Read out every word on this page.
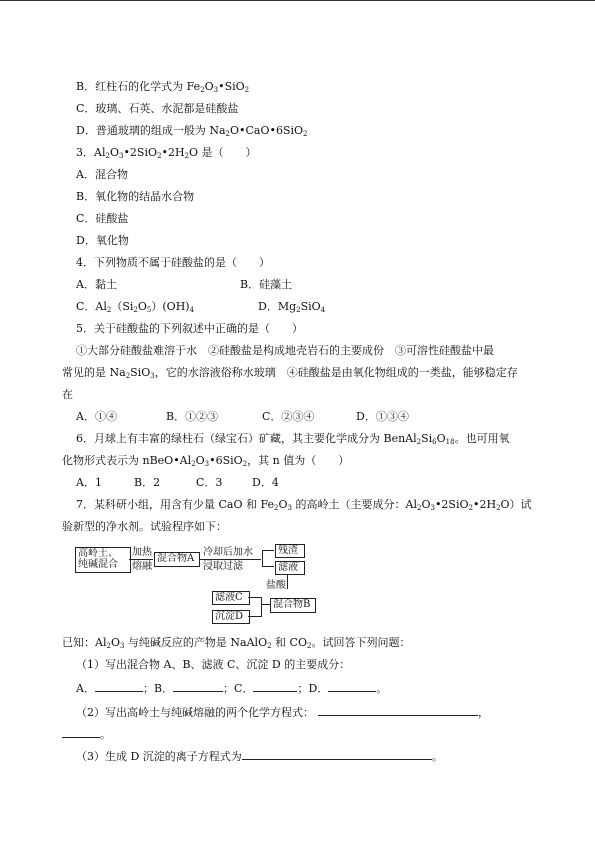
B．红柱石的化学式为 $Fe_2O_3•SiO_2$
C．玻璃、石英、水泥都是硅酸盐
D．普通玻璃的组成一般为 $Na_2O•CaO•6SiO_2$
3．$Al_2O_3•2SiO_2•2H_2O$ 是（　　）
A．混合物
B．氧化物的结晶水合物
C．硅酸盐
D．氧化物
4．下列物质不属于硅酸盐的是（　　）
A．黏土	B．硅藻土
C．$Al_2(Si_2O_5)(OH)_4$	D．$Mg_2SiO_4$
5．关于硅酸盐的下列叙述中正确的是（　　）
①大部分硅酸盐难溶于水　②硅酸盐是构成地壳岩石的主要成份　③可溶性硅酸盐中最
常见的是 $Na_2SiO_3$，它的水溶液俗称水玻璃　④硅酸盐是由氧化物组成的一类盐，能够稳定存
在
A．①④	B．①②③	C．②③④	D．①③④
6．月球上有丰富的绿柱石（绿宝石）矿藏，其主要化学成分为 $BenAl_2Si_6O_{18}$。也可用氧
化物形式表示为 $nBeO•Al_2O_3•6SiO_2$，其 n 值为（　　）
A．1	B．2	C．3	D．4
7．某科研小组，用含有少量 CaO 和 $Fe_2O_3$ 的高岭土（主要成分：$Al_2O_3•2SiO_2•2H_2O$）试
验新型的净水剂。试验程序如下：
高岭土、
纯碱混合
加热
熔融
混合物A
冷却后加水
浸取过滤
残渣
滤液
盐酸
混合物B
滤液C
沉淀D
已知：$Al_2O_3$ 与纯碱反应的产物是 NaAlO$_2$ 和 $CO_2$。试回答下列问题：
（1）写出混合物 A、B、滤液 C、沉淀 D 的主要成分：
A．	；B．	；C．	；D．	。
（2）写出高岭土与纯碱熔融的两个化学方程式：	，
。
（3）生成 D 沉淀的离子方程式为	。
